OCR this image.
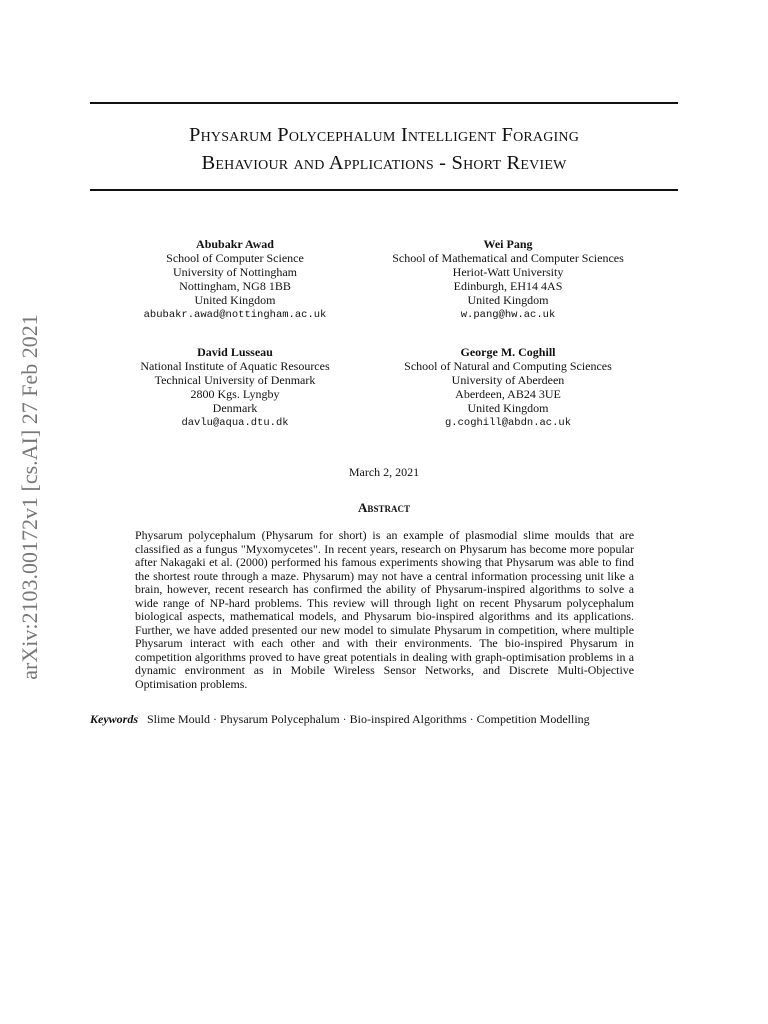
Physarum Polycephalum Intelligent Foraging
Behaviour and Applications - Short Review
arXiv:2103.00172v1 [cs.AI] 27 Feb 2021
Abubakr Awad
School of Computer Science
University of Nottingham
Nottingham, NG8 1BB
United Kingdom
abubakr.awad@nottingham.ac.uk
Wei Pang
School of Mathematical and Computer Sciences
Heriot-Watt University
Edinburgh, EH14 4AS
United Kingdom
w.pang@hw.ac.uk
David Lusseau
National Institute of Aquatic Resources
Technical University of Denmark
2800 Kgs. Lyngby
Denmark
davlu@aqua.dtu.dk
George M. Coghill
School of Natural and Computing Sciences
University of Aberdeen
Aberdeen, AB24 3UE
United Kingdom
g.coghill@abdn.ac.uk
March 2, 2021
Abstract
Physarum polycephalum (Physarum for short) is an example of plasmodial slime moulds that are classified as a fungus "Myxomycetes". In recent years, research on Physarum has become more popular after Nakagaki et al. (2000) performed his famous experiments showing that Physarum was able to find the shortest route through a maze. Physarum) may not have a central information processing unit like a brain, however, recent research has confirmed the ability of Physarum-inspired algorithms to solve a wide range of NP-hard problems. This review will through light on recent Physarum polycephalum biological aspects, mathematical models, and Physarum bio-inspired algorithms and its applications. Further, we have added presented our new model to simulate Physarum in competition, where multiple Physarum interact with each other and with their environments. The bio-inspired Physarum in competition algorithms proved to have great potentials in dealing with graph-optimisation problems in a dynamic environment as in Mobile Wireless Sensor Networks, and Discrete Multi-Objective Optimisation problems.
Keywords Slime Mould · Physarum Polycephalum · Bio-inspired Algorithms · Competition Modelling
